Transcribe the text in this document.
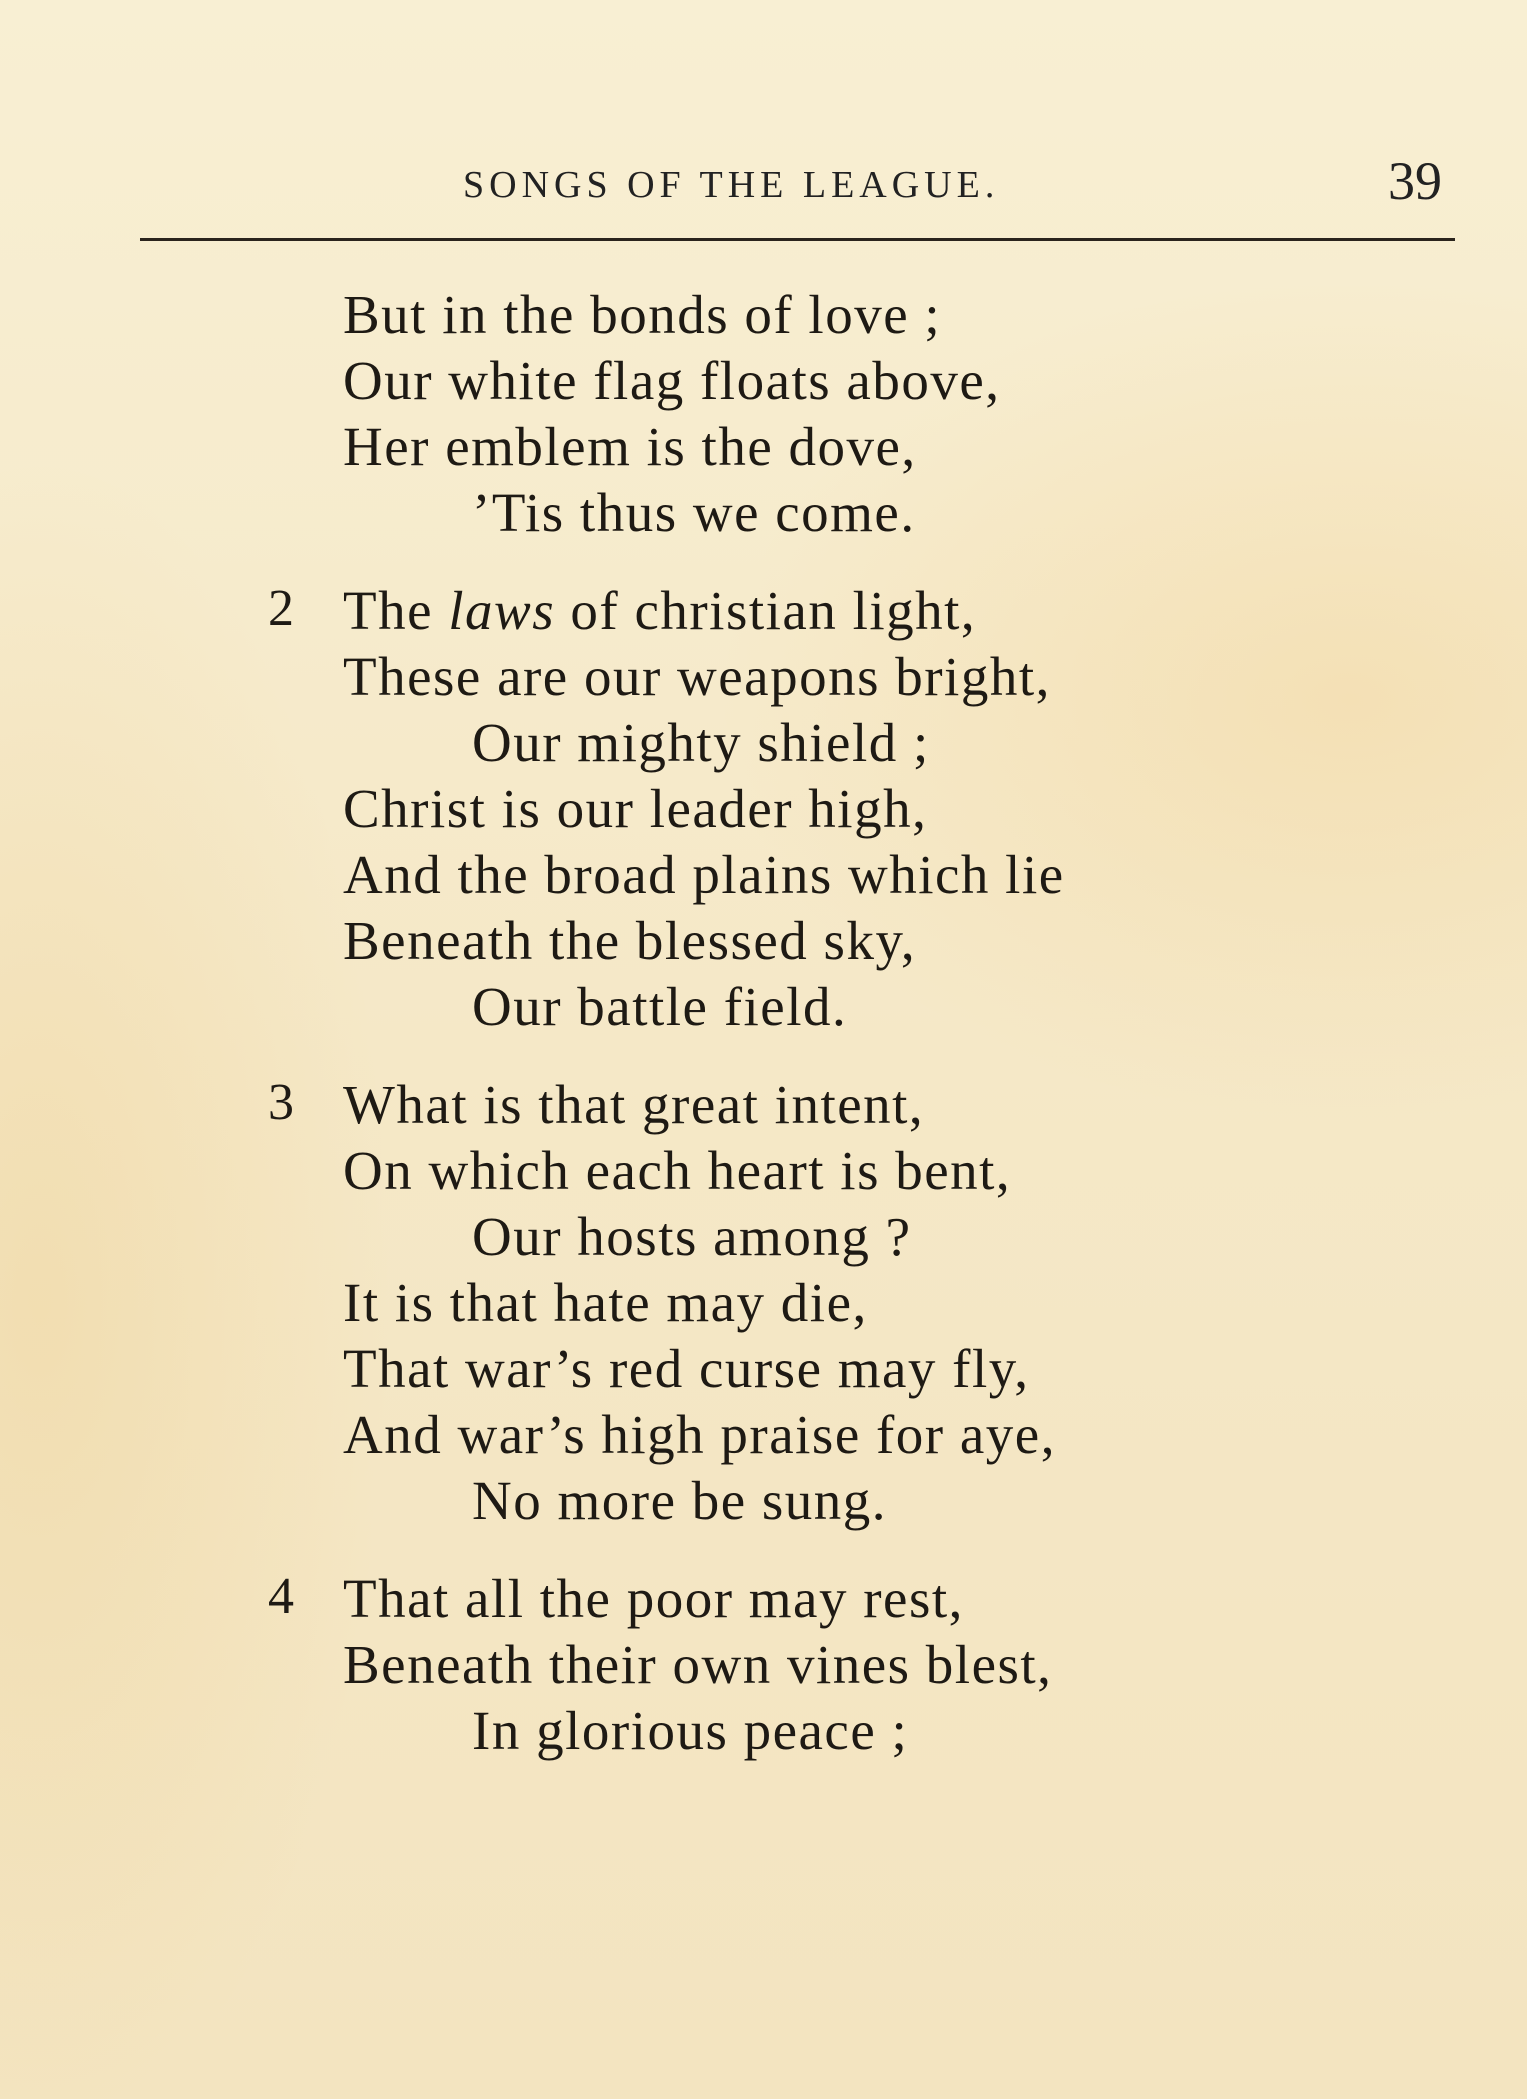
SONGS OF THE LEAGUE.	39
But in the bonds of love ;
Our white flag floats above,
Her emblem is the dove,
’Tis thus we come.
2 The laws of christian light,
These are our weapons bright,
Our mighty shield ;
Christ is our leader high,
And the broad plains which lie
Beneath the blessed sky,
Our battle field.
3 What is that great intent,
On which each heart is bent,
Our hosts among ?
It is that hate may die,
That war’s red curse may fly,
And war’s high praise for aye,
No more be sung.
4 That all the poor may rest,
Beneath their own vines blest,
In glorious peace ;
